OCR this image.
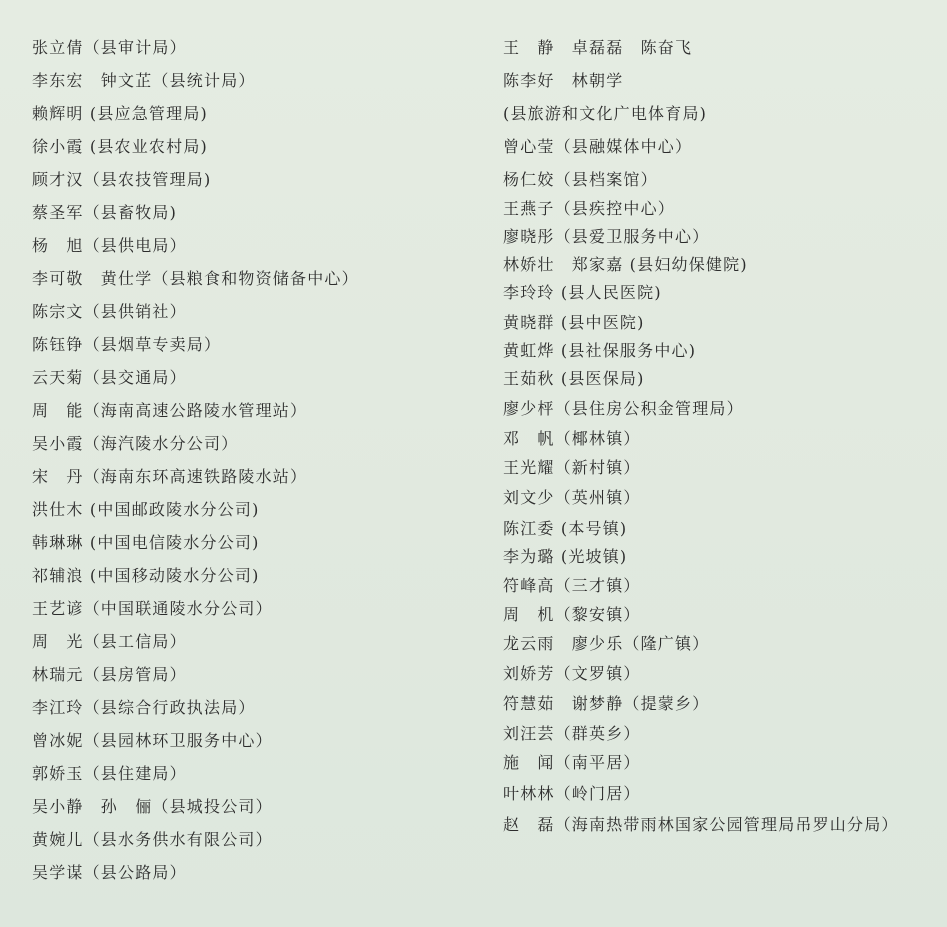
张立倩（县审计局）
李东宏　钟文芷（县统计局）
赖辉明 (县应急管理局)
徐小霞 (县农业农村局)
顾才汉（县农技管理局)
蔡圣军（县畜牧局)
杨　旭（县供电局）
李可敬　黄仕学（县粮食和物资储备中心）
陈宗文（县供销社）
陈钰铮（县烟草专卖局）
云天菊（县交通局）
周　能（海南高速公路陵水管理站）
吴小霞（海汽陵水分公司）
宋　丹（海南东环高速铁路陵水站）
洪仕木 (中国邮政陵水分公司)
韩琳琳 (中国电信陵水分公司)
祁辅浪 (中国移动陵水分公司)
王艺谚（中国联通陵水分公司）
周　光（县工信局）
林瑞元（县房管局）
李江玲（县综合行政执法局）
曾冰妮（县园林环卫服务中心）
郭娇玉（县住建局）
吴小静　孙　俪（县城投公司）
黄婉儿（县水务供水有限公司）
吴学谋（县公路局）
王　静　卓磊磊　陈奋飞
陈李好　林朝学
(县旅游和文化广电体育局)
曾心莹（县融媒体中心）
杨仁姣（县档案馆）
王燕子（县疾控中心）
廖晓彤（县爱卫服务中心）
林娇壮　郑家嘉 (县妇幼保健院)
李玲玲 (县人民医院)
黄晓群 (县中医院)
黄虹烨 (县社保服务中心)
王茹秋 (县医保局)
廖少枰（县住房公积金管理局）
邓　帆（椰林镇）
王光耀（新村镇）
刘文少（英州镇）
陈江委 (本号镇)
李为璐 (光坡镇)
符峰高（三才镇）
周　机（黎安镇）
龙云雨　廖少乐（隆广镇）
刘娇芳（文罗镇）
符慧茹　谢梦静（提蒙乡）
刘汪芸（群英乡）
施　闻（南平居）
叶林林（岭门居）
赵　磊（海南热带雨林国家公园管理局吊罗山分局）
